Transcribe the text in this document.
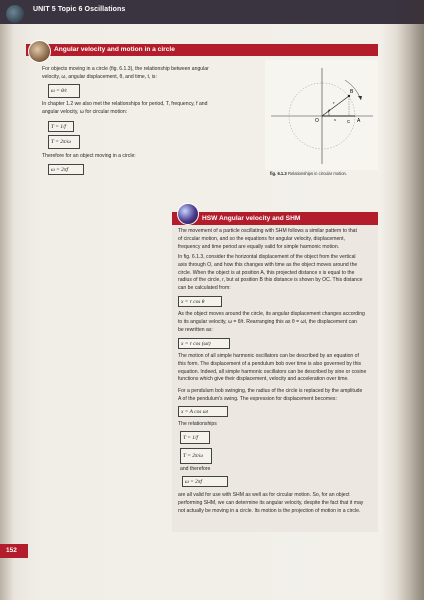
UNIT 5 Topic 6 Oscillations
Angular velocity and motion in a circle
For objects moving in a circle (fig. 6.1.3), the relationship between angular
velocity, ω, angular displacement, θ, and time, t, is:
ω = θ/t
In chapter 1.2 we also met the relationships for period, T, frequency, f and
angular velocity, ω for circular motion:
T = 1/f
T = 2π/ω
Therefore for an object moving in a circle:
ω = 2πf
B
A
O	C
r
x
θ
fig. 6.1.3 Relationships in circular motion.
HSW Angular velocity and SHM
The movement of a particle oscillating with SHM follows a similar pattern to that
of circular motion, and so the equations for angular velocity, displacement,
frequency and time period are equally valid for simple harmonic motion.
In fig. 6.1.3, consider the horizontal displacement of the object from the vertical
axis through O, and how this changes with time as the object moves around the
circle. When the object is at position A, this projected distance x is equal to the
radius of the circle, r, but at position B this distance is shown by OC. This distance
can be calculated from:
x = r cos θ
As the object moves around the circle, its angular displacement changes according
to its angular velocity, ω = θ/t. Rearranging this as θ = ωt, the displacement can
be rewritten as:
x = r cos (ωt)
The motion of all simple harmonic oscillators can be described by an equation of
this form. The displacement of a pendulum bob over time is also governed by this
equation. Indeed, all simple harmonic oscillators can be described by sine or cosine
functions which give their displacement, velocity and acceleration over time.
For a pendulum bob swinging, the radius of the circle is replaced by the amplitude
A of the pendulum's swing. The expression for displacement becomes:
x = A cos ωt
The relationships
T = 1/f
T = 2π/ω
and therefore
ω = 2πf
are all valid for use with SHM as well as for circular motion. So, for an object
performing SHM, we can determine its angular velocity, despite the fact that it may
not actually be moving in a circle. Its motion is the projection of motion in a circle.
152
